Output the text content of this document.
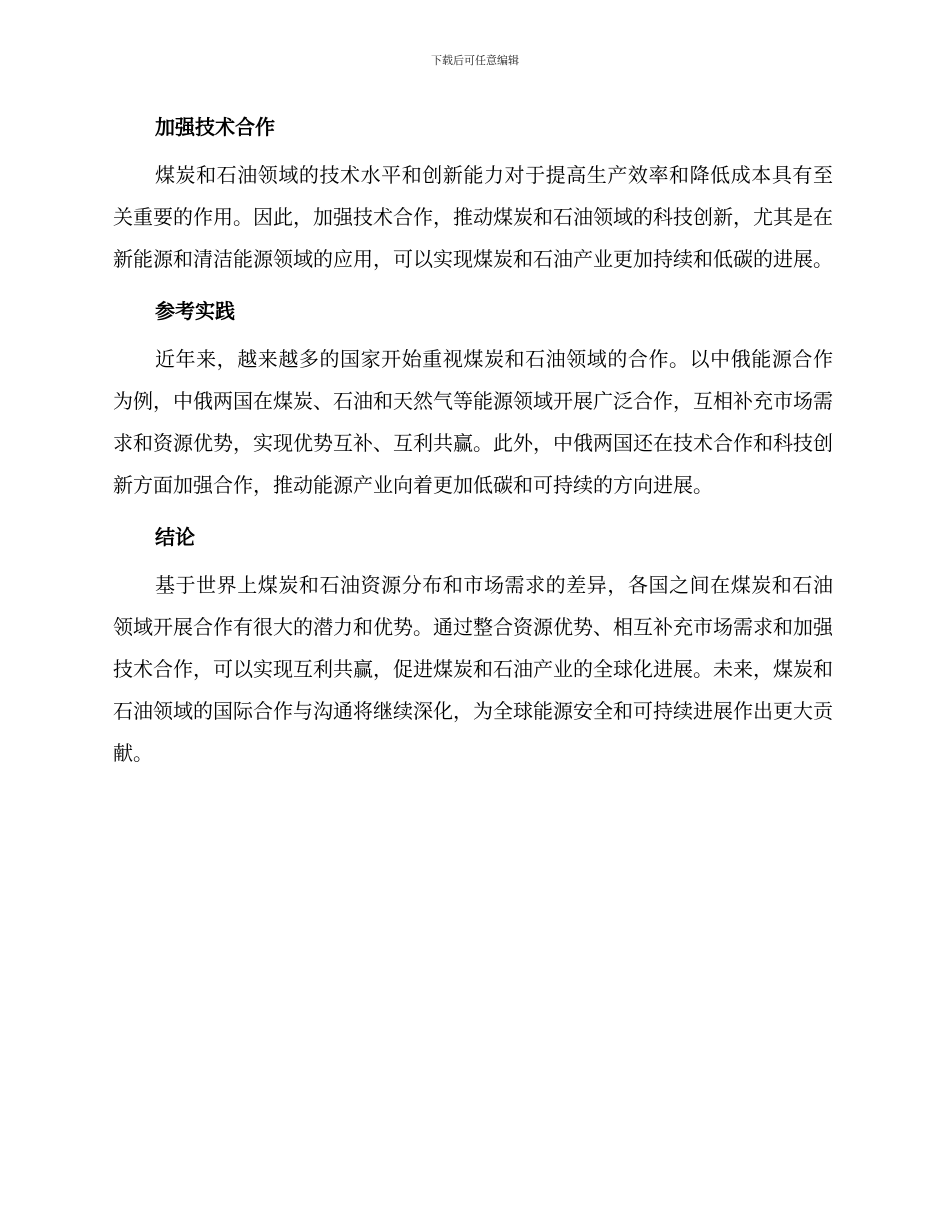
下载后可任意编辑
加强技术合作

煤炭和石油领域的技术水平和创新能力对于提高生产效率和降低成本具有至关重要的作用。因此，加强技术合作，推动煤炭和石油领域的科技创新，尤其是在新能源和清洁能源领域的应用，可以实现煤炭和石油产业更加持续和低碳的进展。

参考实践

近年来，越来越多的国家开始重视煤炭和石油领域的合作。以中俄能源合作为例，中俄两国在煤炭、石油和天然气等能源领域开展广泛合作，互相补充市场需求和资源优势，实现优势互补、互利共赢。此外，中俄两国还在技术合作和科技创新方面加强合作，推动能源产业向着更加低碳和可持续的方向进展。

结论

基于世界上煤炭和石油资源分布和市场需求的差异，各国之间在煤炭和石油领域开展合作有很大的潜力和优势。通过整合资源优势、相互补充市场需求和加强技术合作，可以实现互利共赢，促进煤炭和石油产业的全球化进展。未来，煤炭和石油领域的国际合作与沟通将继续深化，为全球能源安全和可持续进展作出更大贡献。
